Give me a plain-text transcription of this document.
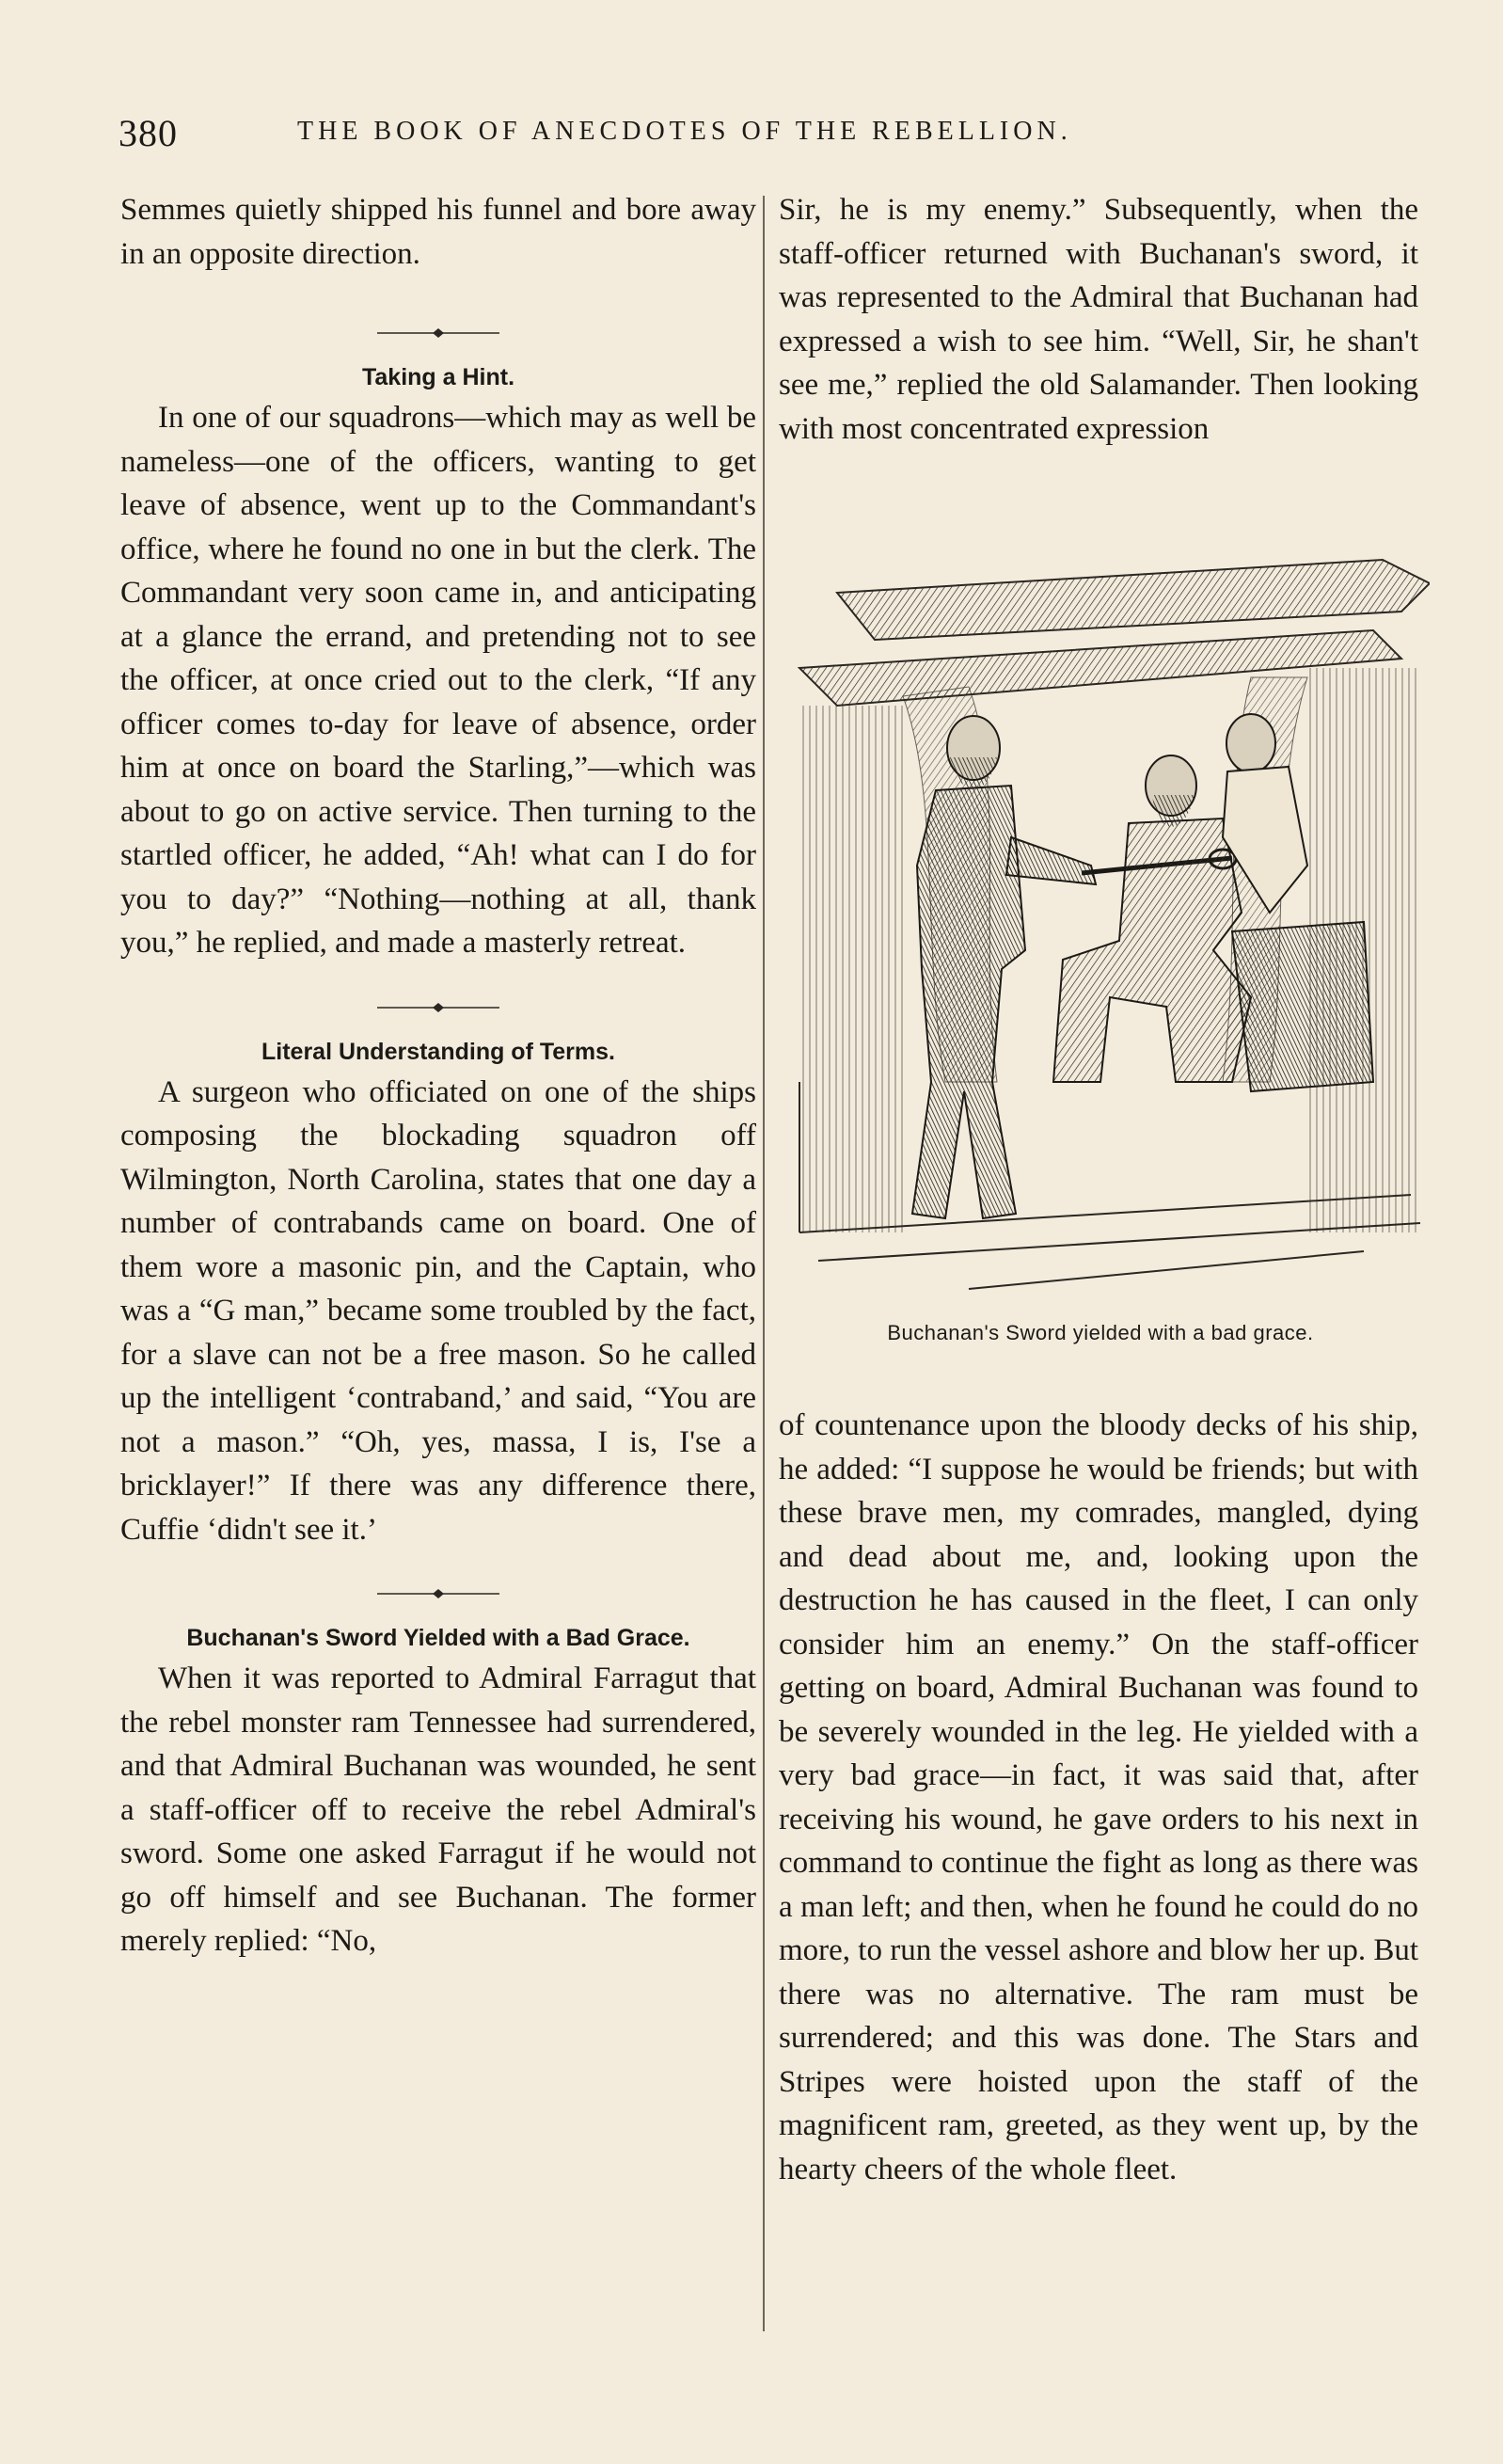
380	THE BOOK OF ANECDOTES OF THE REBELLION.

Semmes quietly shipped his funnel and bore away in an opposite direction.

Taking a Hint.

In one of our squadrons—which may as well be nameless—one of the officers, wanting to get leave of absence, went up to the Commandant's office, where he found no one in but the clerk. The Commandant very soon came in, and anticipating at a glance the errand, and pretending not to see the officer, at once cried out to the clerk, “If any officer comes to-day for leave of absence, order him at once on board the Starling,”—which was about to go on active service. Then turning to the startled officer, he added, “Ah! what can I do for you to day?” “Nothing—nothing at all, thank you,” he replied, and made a masterly retreat.

Literal Understanding of Terms.

A surgeon who officiated on one of the ships composing the blockading squadron off Wilmington, North Carolina, states that one day a number of contrabands came on board. One of them wore a masonic pin, and the Captain, who was a “G man,” became some troubled by the fact, for a slave can not be a free mason. So he called up the intelligent ‘contraband,’ and said, “You are not a mason.” “Oh, yes, massa, I is, I'se a bricklayer!” If there was any difference there, Cuffie ‘didn't see it.’

Buchanan's Sword Yielded with a Bad Grace.

When it was reported to Admiral Farragut that the rebel monster ram Tennessee had surrendered, and that Admiral Buchanan was wounded, he sent a staff-officer off to receive the rebel Admiral's sword. Some one asked Farragut if he would not go off himself and see Buchanan. The former merely replied: “No,

Sir, he is my enemy.” Subsequently, when the staff-officer returned with Buchanan's sword, it was represented to the Admiral that Buchanan had expressed a wish to see him. “Well, Sir, he shan't see me,” replied the old Salamander. Then looking with most concentrated expression

Buchanan's Sword yielded with a bad grace.

of countenance upon the bloody decks of his ship, he added: “I suppose he would be friends; but with these brave men, my comrades, mangled, dying and dead about me, and, looking upon the destruction he has caused in the fleet, I can only consider him an enemy.” On the staff-officer getting on board, Admiral Buchanan was found to be severely wounded in the leg. He yielded with a very bad grace—in fact, it was said that, after receiving his wound, he gave orders to his next in command to continue the fight as long as there was a man left; and then, when he found he could do no more, to run the vessel ashore and blow her up. But there was no alternative. The ram must be surrendered; and this was done. The Stars and Stripes were hoisted upon the staff of the magnificent ram, greeted, as they went up, by the hearty cheers of the whole fleet.
